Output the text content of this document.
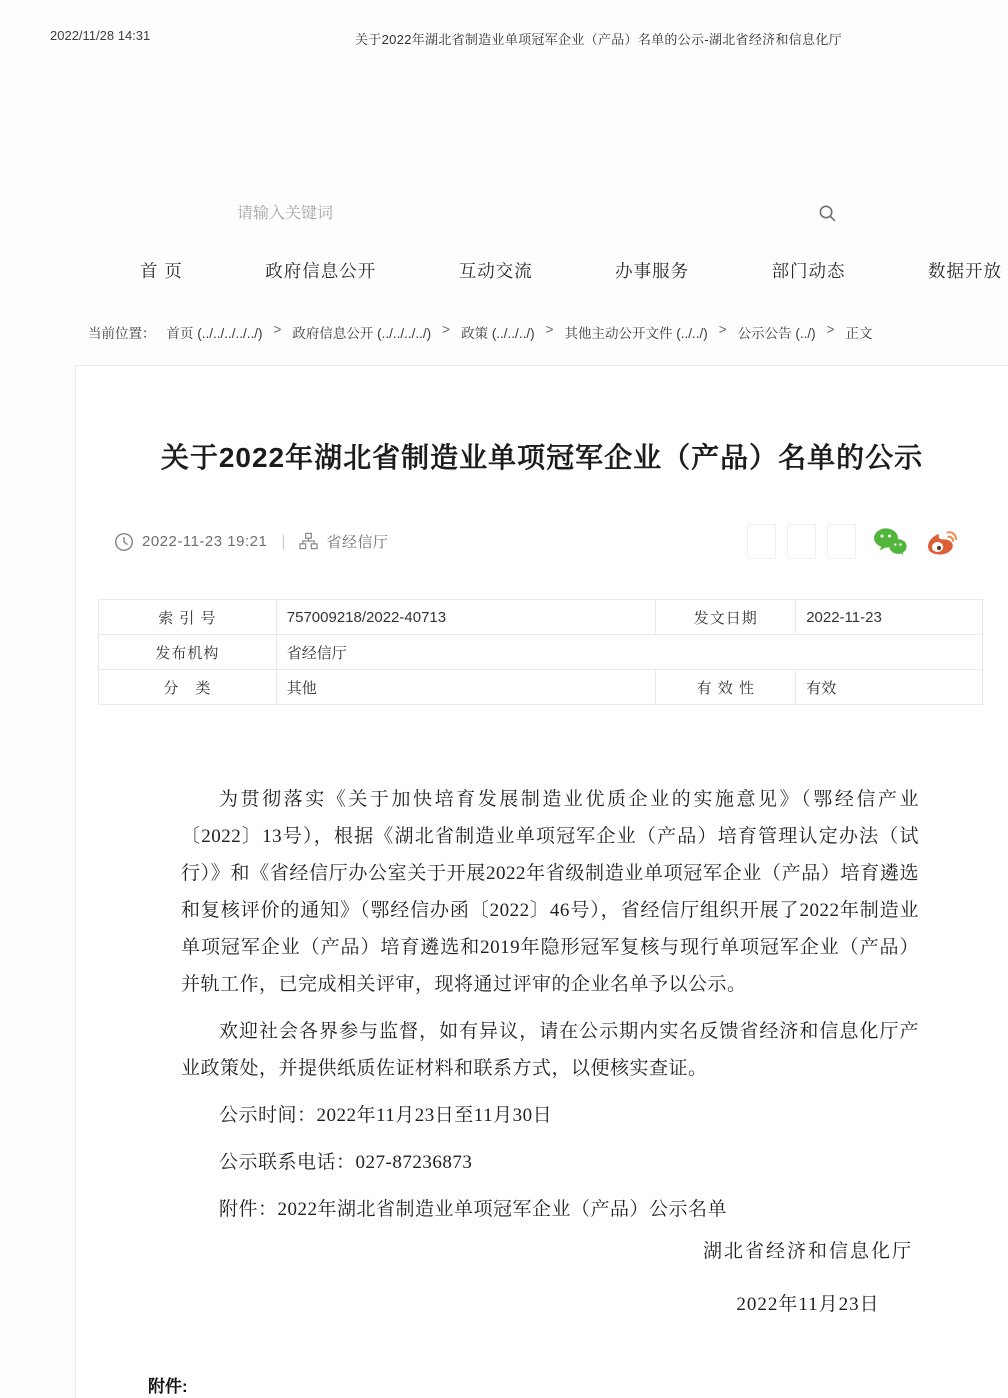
2022/11/28 14:31	关于2022年湖北省制造业单项冠军企业（产品）名单的公示-湖北省经济和信息化厅
请输入关键词
首 页	政府信息公开	互动交流	办事服务	部门动态	数据开放
当前位置： 首页 (../../../../../) > 政府信息公开 (../../../../) > 政策 (../../../) > 其他主动公开文件 (../../) > 公示公告 (../) > 正文
关于2022年湖北省制造业单项冠军企业（产品）名单的公示
2022-11-23 19:21 |	省经信厅
索 引 号	757009218/2022-40713	发文日期	2022-11-23
发布机构	省经信厅		
分　类	其他	有 效 性	有效

为贯彻落实《关于加快培育发展制造业优质企业的实施意见》（鄂经信产业〔2022〕13号），根据《湖北省制造业单项冠军企业（产品）培育管理认定办法（试行）》和《省经信厅办公室关于开展2022年省级制造业单项冠军企业（产品）培育遴选和复核评价的通知》（鄂经信办函〔2022〕46号），省经信厅组织开展了2022年制造业单项冠军企业（产品）培育遴选和2019年隐形冠军复核与现行单项冠军企业（产品）并轨工作，已完成相关评审，现将通过评审的企业名单予以公示。

欢迎社会各界参与监督，如有异议，请在公示期内实名反馈省经济和信息化厅产业政策处，并提供纸质佐证材料和联系方式，以便核实查证。

公示时间：2022年11月23日至11月30日

公示联系电话：027-87236873

附件：2022年湖北省制造业单项冠军企业（产品）公示名单

湖北省经济和信息化厅
2022年11月23日
附件:
